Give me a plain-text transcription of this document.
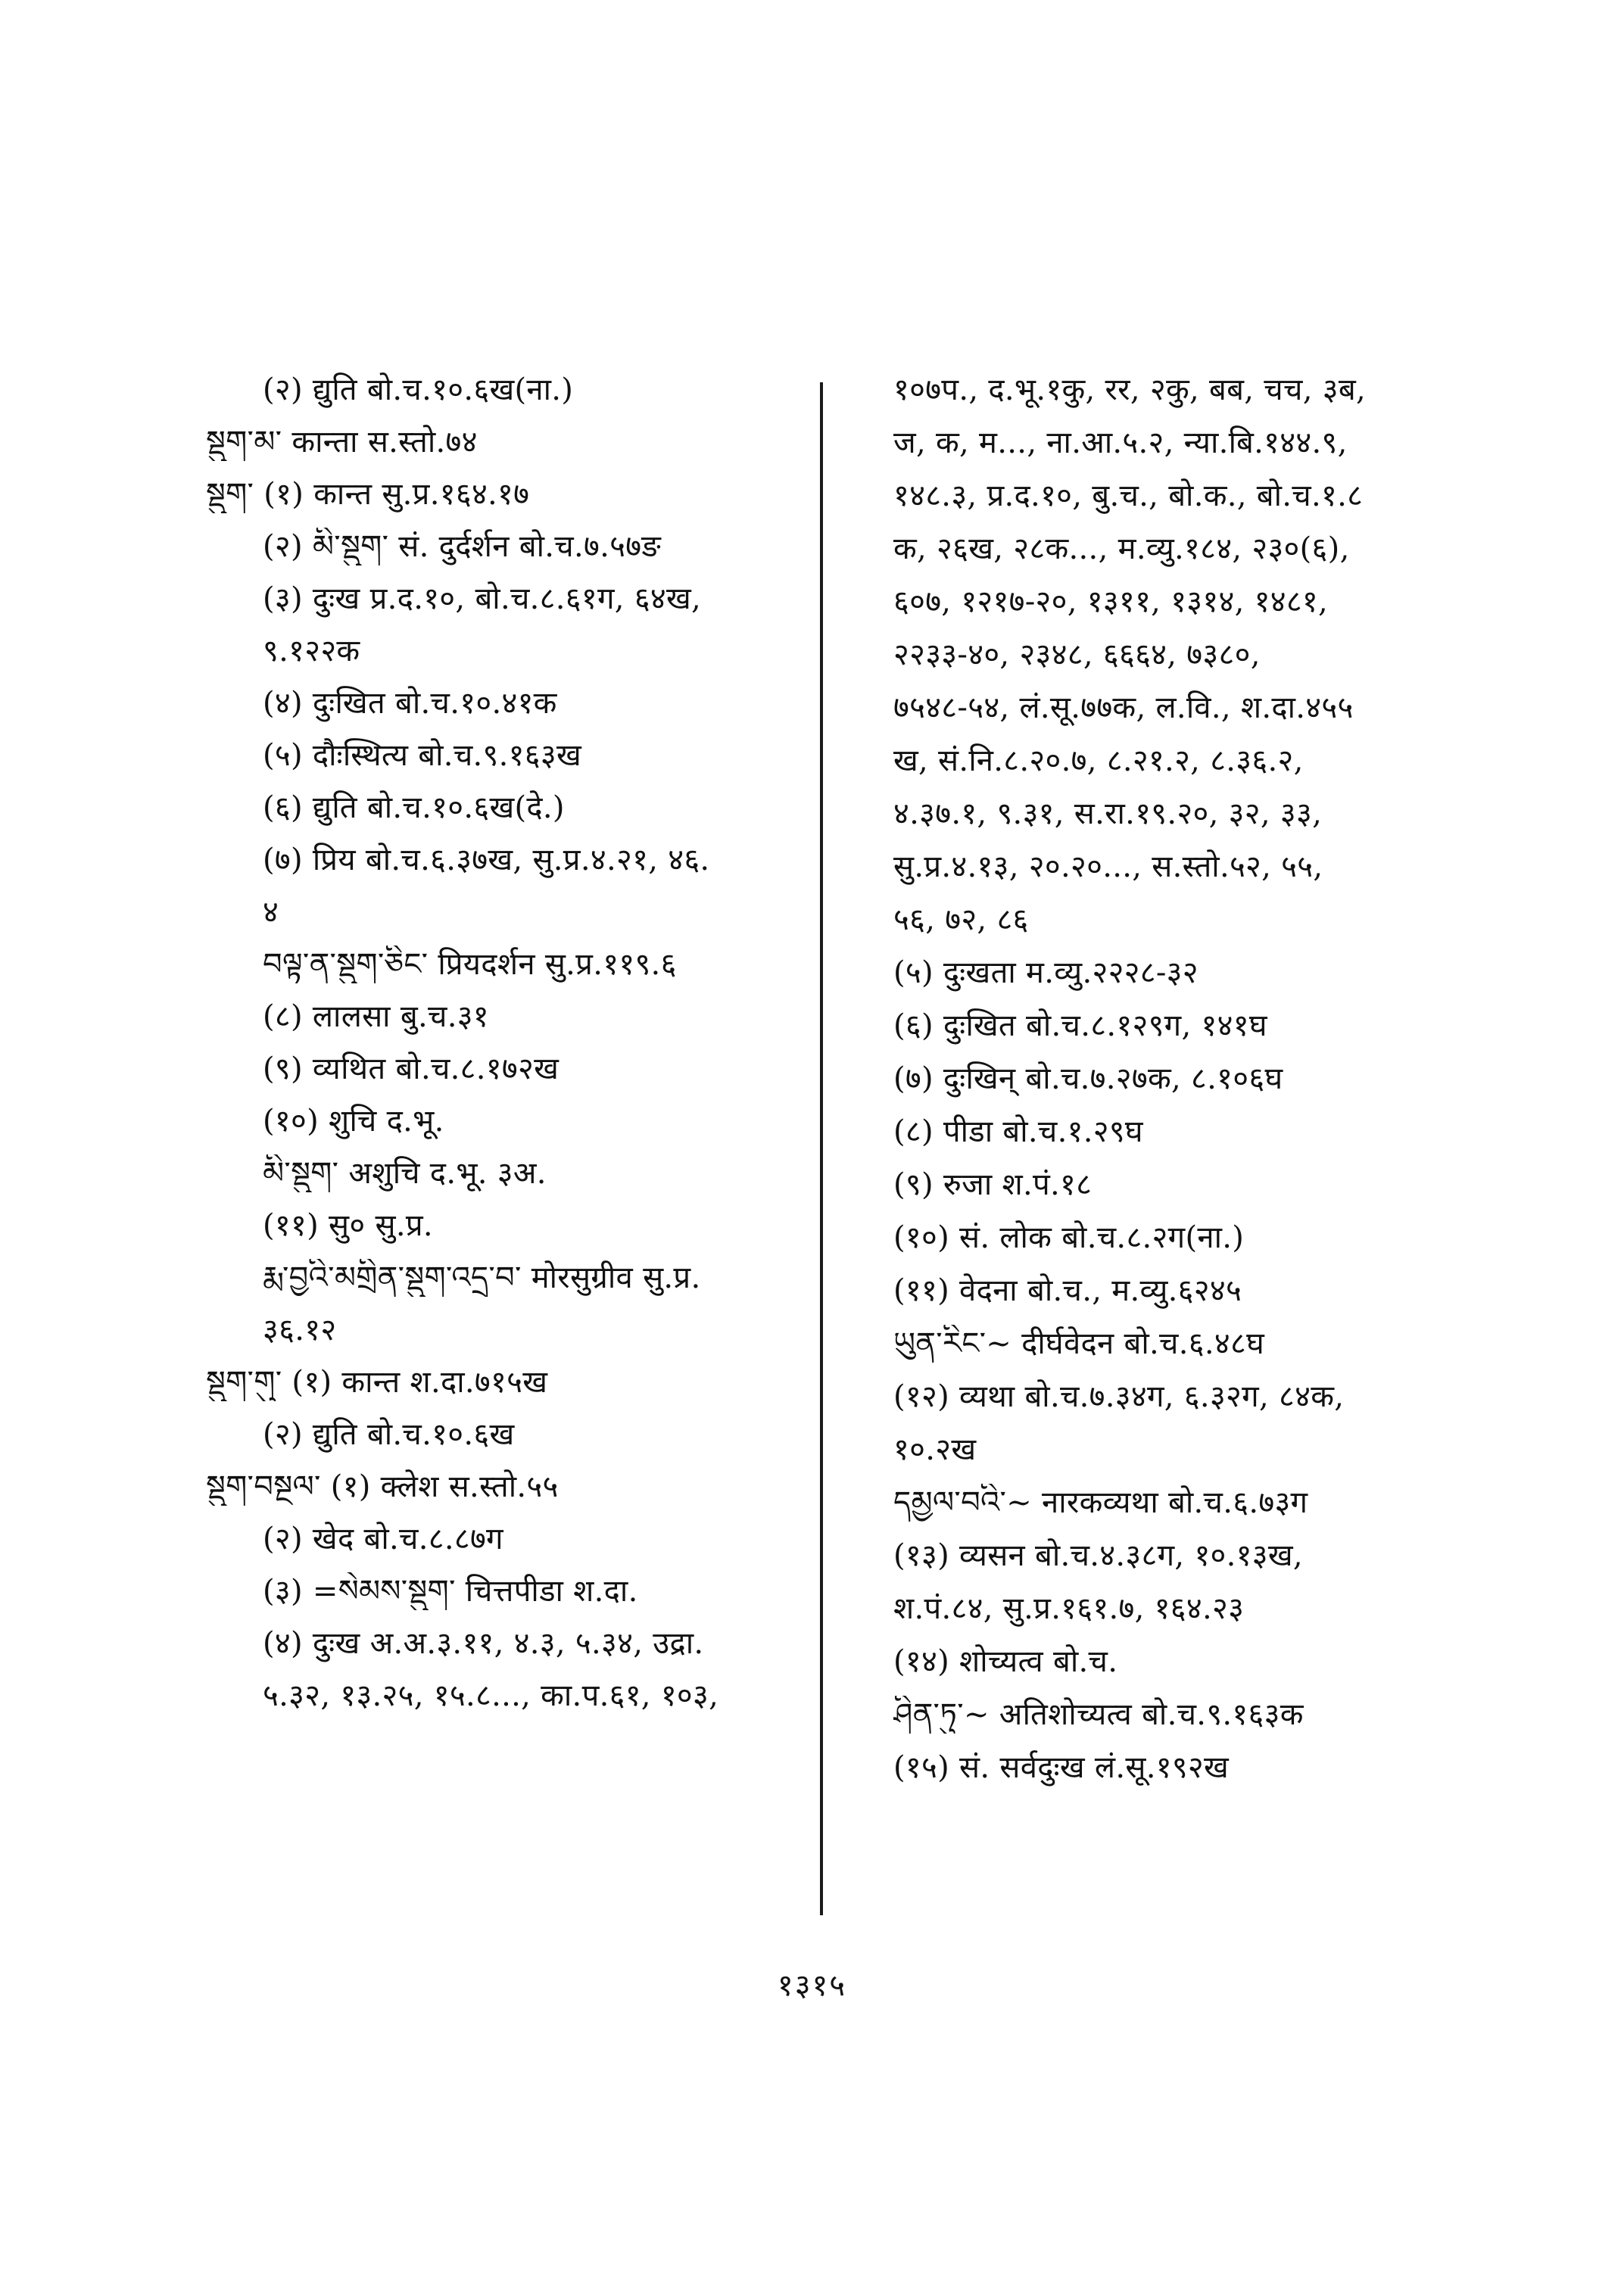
(२) द्युति बो.च.१०.६ख(ना.)
སྡུག་མ་ कान्ता स.स्तो.७४
སྡུག་ (१) कान्त सु.प्र.१६४.१७
(२) མི་སྡུག་ सं. दुर्दर्शन बो.च.७.५७ङ
(३) दुःख प्र.द.१०, बो.च.८.६१ग, ६४ख,
९.१२२क
(४) दुःखित बो.च.१०.४१क
(५) दौःस्थित्य बो.च.९.१६३ख
(६) द्युति बो.च.१०.६ख(दे.)
(७) प्रिय बो.च.६.३७ख, सु.प्र.४.२१, ४६.
४
བལྟ་ན་སྡུག་ཅིང་ प्रियदर्शन सु.प्र.११९.६
(८) लालसा बु.च.३१
(९) व्यथित बो.च.८.१७२ख
(१०) शुचि द.भू.
མི་སྡུག་ अशुचि द.भू. ३अ.
(११) सु० सु.प्र.
རྨ་བྱའི་མགྲིན་སྡུག་འདྲ་བ་ मोरसुग्रीव सु.प्र.
३६.१२
སྡུག་གུ་ (१) कान्त श.दा.७१५ख
(२) द्युति बो.च.१०.६ख
སྡུག་བསྔལ་ (१) क्लेश स.स्तो.५५
(२) खेद बो.च.८.८७ग
(३) =སེམས་སྡུག་ चित्तपीडा श.दा.
(४) दुःख अ.अ.३.११, ४.३, ५.३४, उद्रा.
५.३२, १३.२५, १५.८..., का.प.६१, १०३,
१०७प., द.भू.१कु, रर, २कु, बब, चच, ३ब,
ज, क, म..., ना.आ.५.२, न्या.बि.१४४.९,
१४८.३, प्र.द.१०, बु.च., बो.क., बो.च.१.८
क, २६ख, २८क..., म.व्यु.१८४, २३०(६),
६०७, १२१७-२०, १३११, १३१४, १४८१,
२२३३-४०, २३४८, ६६६४, ७३८०,
७५४८-५४, लं.सू.७७क, ल.वि., श.दा.४५५
ख, सं.नि.८.२०.७, ८.२१.२, ८.३६.२,
४.३७.१, ९.३१, स.रा.१९.२०, ३२, ३३,
सु.प्र.४.१३, २०.२०..., स.स्तो.५२, ५५,
५६, ७२, ८६
(५) दुःखता म.व्यु.२२२८-३२
(६) दुःखित बो.च.८.१२९ग, १४१घ
(७) दुःखिन् बो.च.७.२७क, ८.१०६घ
(८) पीडा बो.च.१.२९घ
(९) रुजा श.पं.१८
(१०) सं. लोक बो.च.८.२ग(ना.)
(११) वेदना बो.च., म.व्यु.६२४५
ཡུན་རིང་~ दीर्घवेदन बो.च.६.४८घ
(१२) व्यथा बो.च.७.३४ग, ६.३२ग, ८४क,
१०.२ख
དམྱལ་བའི་~ नारकव्यथा बो.च.६.७३ग
(१३) व्यसन बो.च.४.३८ग, १०.१३ख,
श.पं.८४, सु.प्र.१६१.७, १६४.२३
(१४) शोच्यत्व बो.च.
ཤིན་ཏུ་~ अतिशोच्यत्व बो.च.९.१६३क
(१५) सं. सर्वदुःख लं.सू.१९२ख
१३१५
